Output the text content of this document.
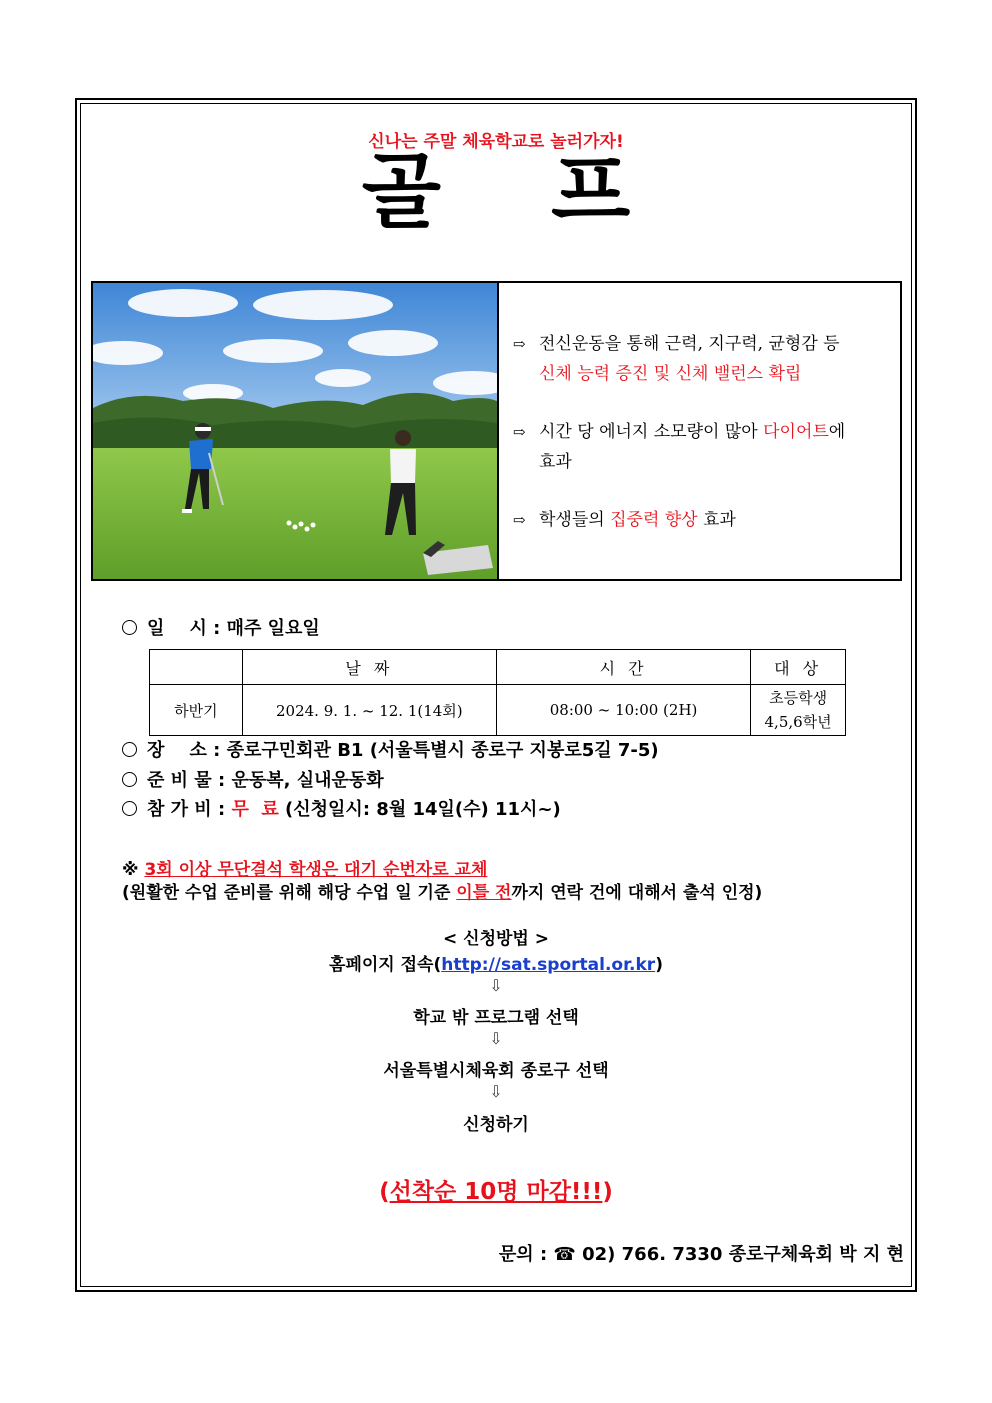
신나는 주말 체육학교로 놀러가자!
골 프
⇨ 전신운동을 통해 근력, 지구력, 균형감 등
신체 능력 증진 및 신체 밸런스 확립
⇨ 시간 당 에너지 소모량이 많아 다이어트에
효과
⇨ 학생들의 집중력 향상 효과
일    시 : 매주 일요일
	날 짜	시 간	대 상
하반기	2024. 9. 1. ~ 12. 1(14회)	08:00 ~ 10:00 (2H)	초등학생
4,5,6학년
장    소 : 종로구민회관 B1 (서울특별시 종로구 지봉로5길 7-5)
준 비 물 : 운동복, 실내운동화
참 가 비 : 무  료 (신청일시: 8월 14일(수) 11시~)
※ 3회 이상 무단결석 학생은 대기 순번자로 교체
(원활한 수업 준비를 위해 해당 수업 일 기준 이틀 전까지 연락 건에 대해서 출석 인정)
< 신청방법 >
홈페이지 접속(http://sat.sportal.or.kr)
⇩
학교 밖 프로그램 선택
⇩
서울특별시체육회 종로구 선택
⇩
신청하기
(선착순 10명 마감!!!)
문의 : ☎ 02) 766. 7330 종로구체육회 박 지 현
